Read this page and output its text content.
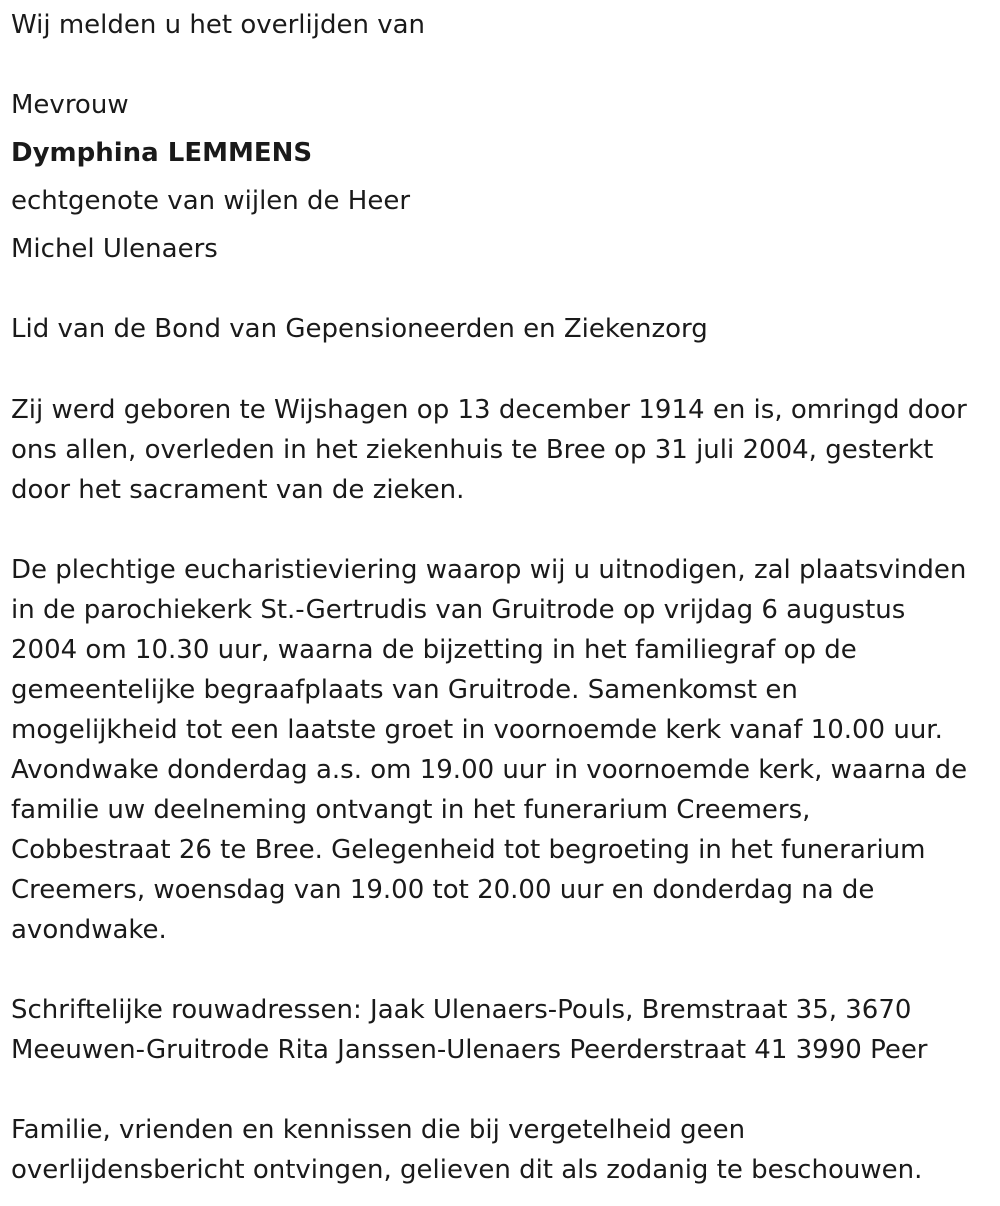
Wij melden u het overlijden van
Mevrouw
Dymphina LEMMENS
echtgenote van wijlen de Heer
Michel Ulenaers
Lid van de Bond van Gepensioneerden en Ziekenzorg
Zij werd geboren te Wijshagen op 13 december 1914 en is, omringd door
ons allen, overleden in het ziekenhuis te Bree op 31 juli 2004, gesterkt
door het sacrament van de zieken.
De plechtige eucharistieviering waarop wij u uitnodigen, zal plaatsvinden
in de parochiekerk St.-Gertrudis van Gruitrode op vrijdag 6 augustus
2004 om 10.30 uur, waarna de bijzetting in het familiegraf op de
gemeentelijke begraafplaats van Gruitrode. Samenkomst en
mogelijkheid tot een laatste groet in voornoemde kerk vanaf 10.00 uur.
Avondwake donderdag a.s. om 19.00 uur in voornoemde kerk, waarna de
familie uw deelneming ontvangt in het funerarium Creemers,
Cobbestraat 26 te Bree. Gelegenheid tot begroeting in het funerarium
Creemers, woensdag van 19.00 tot 20.00 uur en donderdag na de
avondwake.
Schriftelijke rouwadressen: Jaak Ulenaers-Pouls, Bremstraat 35, 3670
Meeuwen-Gruitrode Rita Janssen-Ulenaers Peerderstraat 41 3990 Peer
Familie, vrienden en kennissen die bij vergetelheid geen
overlijdensbericht ontvingen, gelieven dit als zodanig te beschouwen.
